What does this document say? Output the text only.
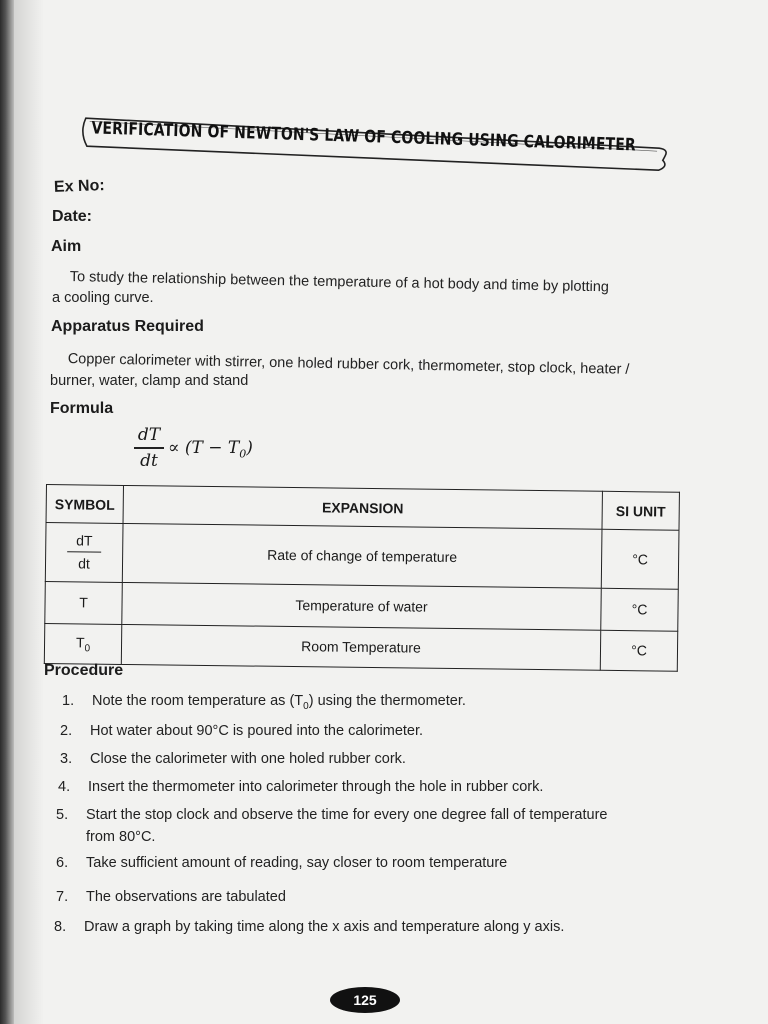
VERIFICATION OF NEWTON'S LAW OF COOLING USING CALORIMETER
Ex No:
Date:
Aim
To study the relationship between the temperature of a hot body and time by plotting
a cooling curve.
Apparatus Required
Copper calorimeter with stirrer, one holed rubber cork, thermometer, stop clock, heater /
burner, water, clamp and stand
Formula
dT
dt
∝ $(T - T_0)$
SYMBOL	EXPANSION	SI UNIT
$\frac{dT}{dt}$	Rate of change of temperature	°C
T	Temperature of water	°C
$T_0$	Room Temperature	°C
Procedure
1. Note the room temperature as $(T_0)$ using the thermometer.
2. Hot water about 90°C is poured into the calorimeter.
3. Close the calorimeter with one holed rubber cork.
4. Insert the thermometer into calorimeter through the hole in rubber cork.
5. Start the stop clock and observe the time for every one degree fall of temperature
from 80°C.
6. Take sufficient amount of reading, say closer to room temperature
7. The observations are tabulated
8. Draw a graph by taking time along the x axis and temperature along y axis.
125
